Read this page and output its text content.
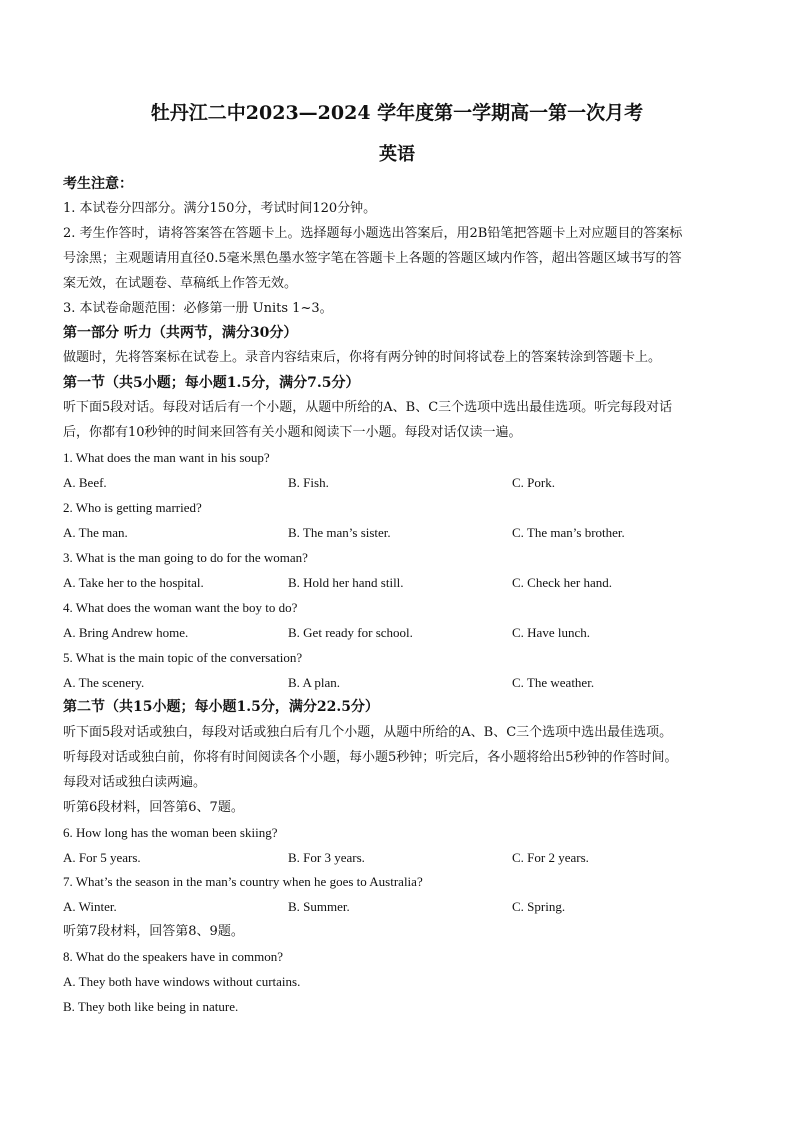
牡丹江二中2023—2024 学年度第一学期高一第一次月考
英语
考生注意：
1. 本试卷分四部分。满分150分，考试时间120分钟。
2. 考生作答时，请将答案答在答题卡上。选择题每小题选出答案后，用2B铅笔把答题卡上对应题目的答案标
号涂黑；主观题请用直径0.5毫米黑色墨水签字笔在答题卡上各题的答题区域内作答，超出答题区域书写的答
案无效，在试题卷、草稿纸上作答无效。
3. 本试卷命题范围：必修第一册 Units 1~3。
第一部分 听力（共两节，满分30分）
做题时，先将答案标在试卷上。录音内容结束后，你将有两分钟的时间将试卷上的答案转涂到答题卡上。
第一节（共5小题；每小题1.5分，满分7.5分）
听下面5段对话。每段对话后有一个小题，从题中所给的A、B、C三个选项中选出最佳选项。听完每段对话
后，你都有10秒钟的时间来回答有关小题和阅读下一小题。每段对话仅读一遍。
1. What does the man want in his soup?
A. Beef.	B. Fish.	C. Pork.
2. Who is getting married?
A. The man.	B. The man’s sister.	C. The man’s brother.
3. What is the man going to do for the woman?
A. Take her to the hospital.	B. Hold her hand still.	C. Check her hand.
4. What does the woman want the boy to do?
A. Bring Andrew home.	B. Get ready for school.	C. Have lunch.
5. What is the main topic of the conversation?
A. The scenery.	B. A plan.	C. The weather.
第二节（共15小题；每小题1.5分，满分22.5分）
听下面5段对话或独白，每段对话或独白后有几个小题，从题中所给的A、B、C三个选项中选出最佳选项。
听每段对话或独白前，你将有时间阅读各个小题，每小题5秒钟；听完后，各小题将给出5秒钟的作答时间。
每段对话或独白读两遍。
听第6段材料，回答第6、7题。
6. How long has the woman been skiing?
A. For 5 years.	B. For 3 years.	C. For 2 years.
7. What’s the season in the man’s country when he goes to Australia?
A. Winter.	B. Summer.	C. Spring.
听第7段材料，回答第8、9题。
8. What do the speakers have in common?
A. They both have windows without curtains.
B. They both like being in nature.
